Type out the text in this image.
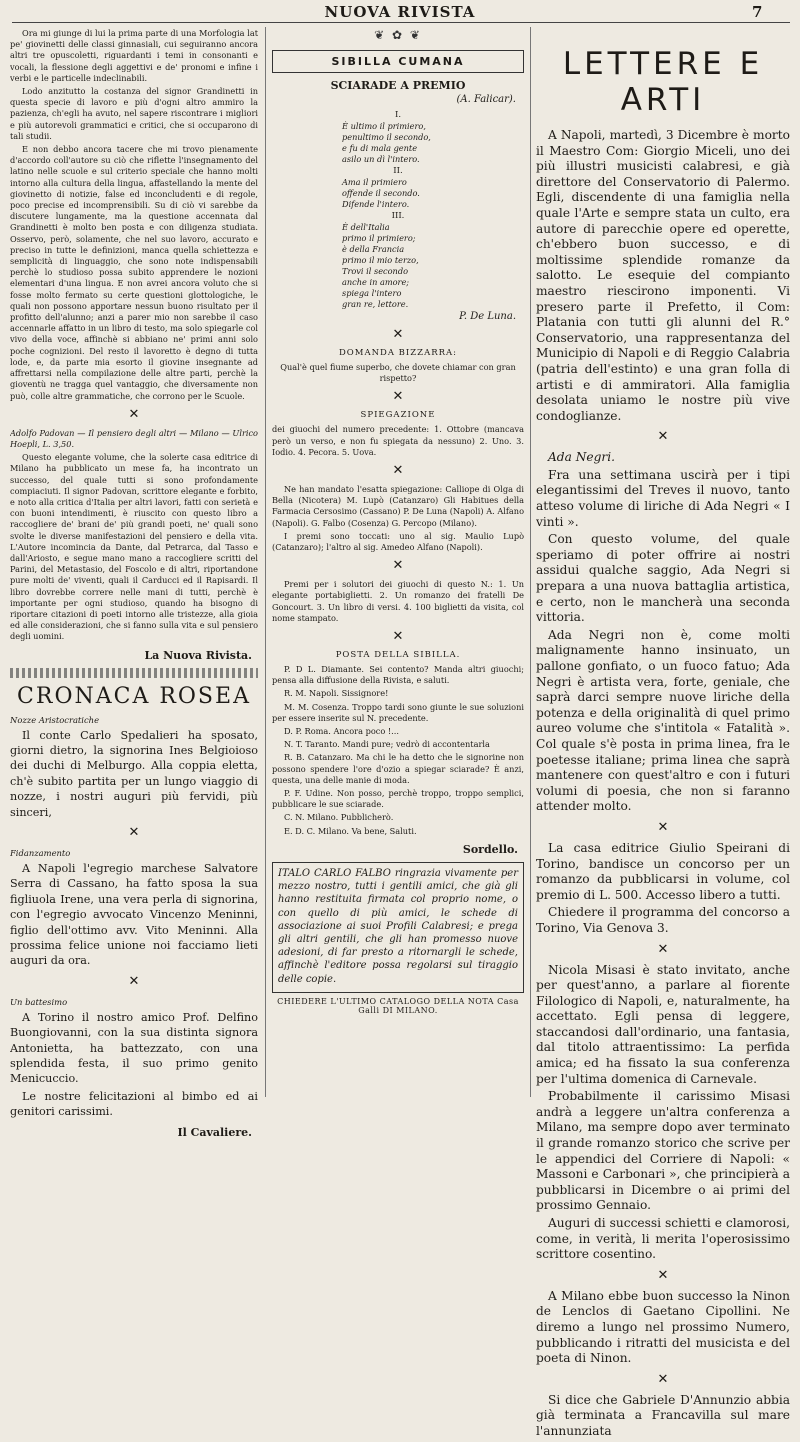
NUOVA RIVISTA	7

Ora mi giunge di lui la prima parte di una Morfologia lat pe' giovinetti delle classi ginnasiali, cui seguiranno ancora altri tre opuscoletti, riguardanti i temi in consonanti e vocali, la flessione degli aggettivi e de' pronomi e infine i verbi e le particelle indeclinabili.

Lodo anzitutto la costanza del signor Grandinetti in questa specie di lavoro e più d'ogni altro ammiro la pazienza, ch'egli ha avuto, nel sapere riscontrare i migliori e più autorevoli grammatici e critici, che si occuparono di tali studii.

E non debbo ancora tacere che mi trovo pienamente d'accordo coll'autore su ciò che riflette l'insegnamento del latino nelle scuole e sul criterio speciale che hanno molti intorno alla cultura della lingua, affastellando la mente del giovinetto di notizie, false ed inconcludenti e di regole, poco precise ed incomprensibili. Su di ciò vi sarebbe da discutere lungamente, ma la questione accennata dal Grandinetti è molto ben posta e con diligenza studiata. Osservo, però, solamente, che nel suo lavoro, accurato e preciso in tutte le definizioni, manca quella schiettezza e semplicità di linguaggio, che sono note indispensabili perchè lo studioso possa subito apprendere le nozioni elementari d'una lingua. E non avrei ancora voluto che si fosse molto fermato su certe questioni glottologiche, le quali non possono apportare nessun buono risultato per il profitto dell'alunno; anzi a parer mio non sarebbe il caso accennarle affatto in un libro di testo, ma solo spiegarle col vivo della voce, affinchè si abbiano ne' primi anni solo poche cognizioni. Del resto il lavoretto è degno di tutta lode, e, da parte mia esorto il giovine insegnante ad affrettarsi nella compilazione delle altre parti, perchè la gioventù ne tragga quel vantaggio, che diversamente non può, colle altre grammatiche, che corrono per le Scuole.

✕

Adolfo Padovan — Il pensiero degli altri — Milano — Ulrico Hoepli, L. 3,50.

Questo elegante volume, che la solerte casa editrice di Milano ha pubblicato un mese fa, ha incontrato un successo, del quale tutti si sono profondamente compiaciuti. Il signor Padovan, scrittore elegante e forbito, e noto alla critica d'Italia per altri lavori, fatti con serietà e con buoni intendimenti, è riuscito con questo libro a raccogliere de' brani de' più grandi poeti, ne' quali sono svolte le diverse manifestazioni del pensiero e della vita. L'Autore incomincia da Dante, dal Petrarca, dal Tasso e dall'Ariosto, e segue mano mano a raccogliere scritti del Parini, del Metastasio, del Foscolo e di altri, riportandone pure molti de' viventi, quali il Carducci ed il Rapisardi. Il libro dovrebbe correre nelle mani di tutti, perchè è importante per ogni studioso, quando ha bisogno di riportare citazioni di poeti intorno alle tristezze, alla gioia ed alle considerazioni, che si fanno sulla vita e sul pensiero degli uomini.

La Nuova Rivista.
CRONACA ROSEA
Nozze Aristocratiche

Il conte Carlo Spedalieri ha sposato, giorni dietro, la signorina Ines Belgioioso dei duchi di Melburgo. Alla coppia eletta, ch'è subito partita per un lungo viaggio di nozze, i nostri auguri più fervidi, più sinceri,

✕
Fidanzamento

A Napoli l'egregio marchese Salvatore Serra di Cassano, ha fatto sposa la sua figliuola Irene, una vera perla di signorina, con l'egregio avvocato Vincenzo Meninni, figlio dell'ottimo avv. Vito Meninni. Alla prossima felice unione noi facciamo lieti auguri da ora.

✕
Un battesimo

A Torino il nostro amico Prof. Delfino Buongiovanni, con la sua distinta signora Antonietta, ha battezzato, con una splendida festa, il suo primo genito Menicuccio.

Le nostre felicitazioni al bimbo ed ai genitori carissimi.

Il Cavaliere.
❦ ✿ ❦
SIBILLA CUMANA
SCIARADE A PREMIO
(A. Falicar).
I.
È ultimo il primiero,
penultimo il secondo,
e fu di mala gente
asilo un dì l'intero.
II.
Ama il primiero
offende il secondo.
Difende l'intero.
III.
È dell'Italia
primo il primiero;
è della Francia
primo il mio terzo,
Trovi il secondo
anche in amore;
spiega l'intero
gran re, lettore.
P. De Luna.
✕
DOMANDA BIZZARRA:

Qual'è quel fiume superbo, che dovete chiamar con gran rispetto?

✕
SPIEGAZIONE

dei giuochi del numero precedente: 1. Ottobre (mancava però un verso, e non fu spiegata da nessuno) 2. Uno. 3. Iodio. 4. Pecora. 5. Uova.

✕

Ne han mandato l'esatta spiegazione: Calliope di Olga di Bella (Nicotera) M. Lupò (Catanzaro) Gli Habitues della Farmacia Cersosimo (Cassano) P. De Luna (Napoli) A. Alfano (Napoli). G. Falbo (Cosenza) G. Percopo (Milano).

I premi sono toccati: uno al sig. Maulio Lupò (Catanzaro); l'altro al sig. Amedeo Alfano (Napoli).

✕

Premi per i solutori dei giuochi di questo N.: 1. Un elegante portabiglietti. 2. Un romanzo dei fratelli De Goncourt. 3. Un libro di versi. 4. 100 biglietti da visita, col nome stampato.

✕
POSTA DELLA SIBILLA.

P. D L. Diamante. Sei contento? Manda altri giuochi; pensa alla diffusione della Rivista, e saluti.

R. M. Napoli. Sissignore!

M. M. Cosenza. Troppo tardi sono giunte le sue soluzioni per essere inserite sul N. precedente.

D. P. Roma. Ancora poco !...

N. T. Taranto. Mandi pure; vedrò di accontentarla

R. B. Catanzaro. Ma chi le ha detto che le signorine non possono spendere l'ore d'ozio a spiegar sciarade? È anzi, questa, una delle manie di moda.

P. F. Udine. Non posso, perchè troppo, troppo semplici, pubblicare le sue sciarade.

C. N. Milano. Pubblicherò.

E. D. C. Milano. Va bene, Saluti.

Sordello.

ITALO CARLO FALBO ringrazia vivamente per mezzo nostro, tutti i gentili amici, che già gli hanno restituita firmata col proprio nome, o con quello di più amici, le schede di associazione ai suoi Profili Calabresi; e prega gli altri gentili, che gli han promesso nuove adesioni, di far presto a ritornargli le schede, affinchè l'editore possa regolarsi sul tiraggio delle copie.

CHIEDERE L'ULTIMO CATALOGO DELLA NOTA Casa Galli DI MILANO.
LETTERE E ARTI

A Napoli, martedì, 3 Dicembre è morto il Maestro Com: Giorgio Miceli, uno dei più illustri musicisti calabresi, e già direttore del Conservatorio di Palermo. Egli, discendente di una famiglia nella quale l'Arte e sempre stata un culto, era autore di parecchie opere ed operette, ch'ebbero buon successo, e di moltissime splendide romanze da salotto. Le esequie del compianto maestro riescirono imponenti. Vi presero parte il Prefetto, il Com: Platania con tutti gli alunni del R.° Conservatorio, una rappresentanza del Municipio di Napoli e di Reggio Calabria (patria dell'estinto) e una gran folla di artisti e di ammiratori. Alla famiglia desolata uniamo le nostre più vive condoglianze.

✕

Ada Negri.

Fra una settimana uscirà per i tipi elegantissimi del Treves il nuovo, tanto atteso volume di liriche di Ada Negri « I vinti ».

Con questo volume, del quale speriamo di poter offrire ai nostri assidui qualche saggio, Ada Negri si prepara a una nuova battaglia artistica, e certo, non le mancherà una seconda vittoria.

Ada Negri non è, come molti malignamente hanno insinuato, un pallone gonfiato, o un fuoco fatuo; Ada Negri è artista vera, forte, geniale, che saprà darci sempre nuove liriche della potenza e della originalità di quel primo aureo volume che s'intitola « Fatalità ». Col quale s'è posta in prima linea, fra le poetesse italiane; prima linea che saprà mantenere con quest'altro e con i futuri volumi di poesia, che non si faranno attender molto.

✕

La casa editrice Giulio Speirani di Torino, bandisce un concorso per un romanzo da pubblicarsi in volume, col premio di L. 500. Accesso libero a tutti.

Chiedere il programma del concorso a Torino, Via Genova 3.

✕

Nicola Misasi è stato invitato, anche per quest'anno, a parlare al fiorente Filologico di Napoli, e, naturalmente, ha accettato. Egli pensa di leggere, staccandosi dall'ordinario, una fantasia, dal titolo attraentissimo: La perfida amica; ed ha fissato la sua conferenza per l'ultima domenica di Carnevale.

Probabilmente il carissimo Misasi andrà a leggere un'altra conferenza a Milano, ma sempre dopo aver terminato il grande romanzo storico che scrive per le appendici del Corriere di Napoli: « Massoni e Carbonari », che principierà a pubblicarsi in Dicembre o ai primi del prossimo Gennaio.

Auguri di successi schietti e clamorosi, come, in verità, li merita l'operosissimo scrittore cosentino.

✕

A Milano ebbe buon successo la Ninon de Lenclos di Gaetano Cipollini. Ne diremo a lungo nel prossimo Numero, pubblicando i ritratti del musicista e del poeta di Ninon.

✕

Si dice che Gabriele D'Annunzio abbia già terminata a Francavilla sul mare l'annunziata
